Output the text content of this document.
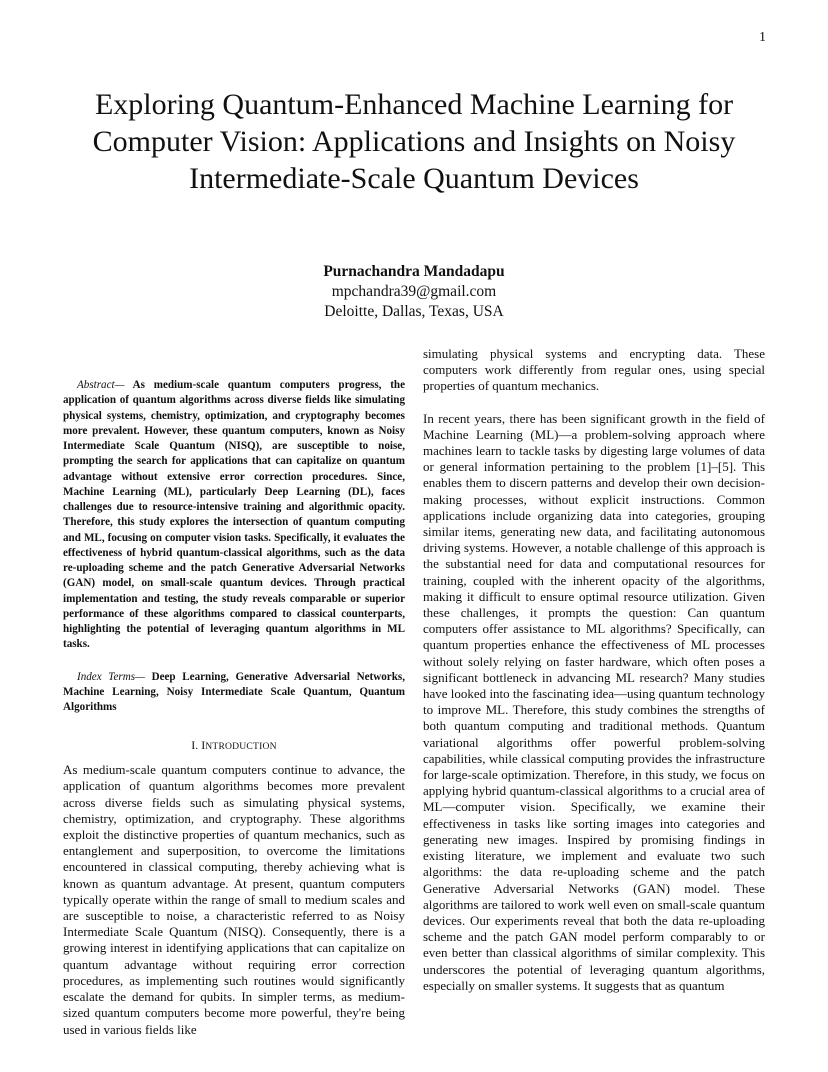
1
Exploring Quantum-Enhanced Machine Learning for Computer Vision: Applications and Insights on Noisy Intermediate-Scale Quantum Devices
Purnachandra Mandadapu
mpchandra39@gmail.com
Deloitte, Dallas, Texas, USA

Abstract— As medium-scale quantum computers progress, the application of quantum algorithms across diverse fields like simulating physical systems, chemistry, optimization, and cryptography becomes more prevalent. However, these quantum computers, known as Noisy Intermediate Scale Quantum (NISQ), are susceptible to noise, prompting the search for applications that can capitalize on quantum advantage without extensive error correction procedures. Since, Machine Learning (ML), particularly Deep Learning (DL), faces challenges due to resource-intensive training and algorithmic opacity. Therefore, this study explores the intersection of quantum computing and ML, focusing on computer vision tasks. Specifically, it evaluates the effectiveness of hybrid quantum-classical algorithms, such as the data re-uploading scheme and the patch Generative Adversarial Networks (GAN) model, on small-scale quantum devices. Through practical implementation and testing, the study reveals comparable or superior performance of these algorithms compared to classical counterparts, highlighting the potential of leveraging quantum algorithms in ML tasks.

Index Terms— Deep Learning, Generative Adversarial Networks, Machine Learning, Noisy Intermediate Scale Quantum, Quantum Algorithms

I. INTRODUCTION

As medium-scale quantum computers continue to advance, the application of quantum algorithms becomes more prevalent across diverse fields such as simulating physical systems, chemistry, optimization, and cryptography. These algorithms exploit the distinctive properties of quantum mechanics, such as entanglement and superposition, to overcome the limitations encountered in classical computing, thereby achieving what is known as quantum advantage. At present, quantum computers typically operate within the range of small to medium scales and are susceptible to noise, a characteristic referred to as Noisy Intermediate Scale Quantum (NISQ). Consequently, there is a growing interest in identifying applications that can capitalize on quantum advantage without requiring error correction procedures, as implementing such routines would significantly escalate the demand for qubits. In simpler terms, as medium-sized quantum computers become more powerful, they're being used in various fields like

simulating physical systems and encrypting data. These computers work differently from regular ones, using special properties of quantum mechanics.

In recent years, there has been significant growth in the field of Machine Learning (ML)—a problem-solving approach where machines learn to tackle tasks by digesting large volumes of data or general information pertaining to the problem [1]–[5]. This enables them to discern patterns and develop their own decision-making processes, without explicit instructions. Common applications include organizing data into categories, grouping similar items, generating new data, and facilitating autonomous driving systems. However, a notable challenge of this approach is the substantial need for data and computational resources for training, coupled with the inherent opacity of the algorithms, making it difficult to ensure optimal resource utilization. Given these challenges, it prompts the question: Can quantum computers offer assistance to ML algorithms? Specifically, can quantum properties enhance the effectiveness of ML processes without solely relying on faster hardware, which often poses a significant bottleneck in advancing ML research? Many studies have looked into the fascinating idea—using quantum technology to improve ML. Therefore, this study combines the strengths of both quantum computing and traditional methods. Quantum variational algorithms offer powerful problem-solving capabilities, while classical computing provides the infrastructure for large-scale optimization. Therefore, in this study, we focus on applying hybrid quantum-classical algorithms to a crucial area of ML—computer vision. Specifically, we examine their effectiveness in tasks like sorting images into categories and generating new images. Inspired by promising findings in existing literature, we implement and evaluate two such algorithms: the data re-uploading scheme and the patch Generative Adversarial Networks (GAN) model. These algorithms are tailored to work well even on small-scale quantum devices. Our experiments reveal that both the data re-uploading scheme and the patch GAN model perform comparably to or even better than classical algorithms of similar complexity. This underscores the potential of leveraging quantum algorithms, especially on smaller systems. It suggests that as quantum
